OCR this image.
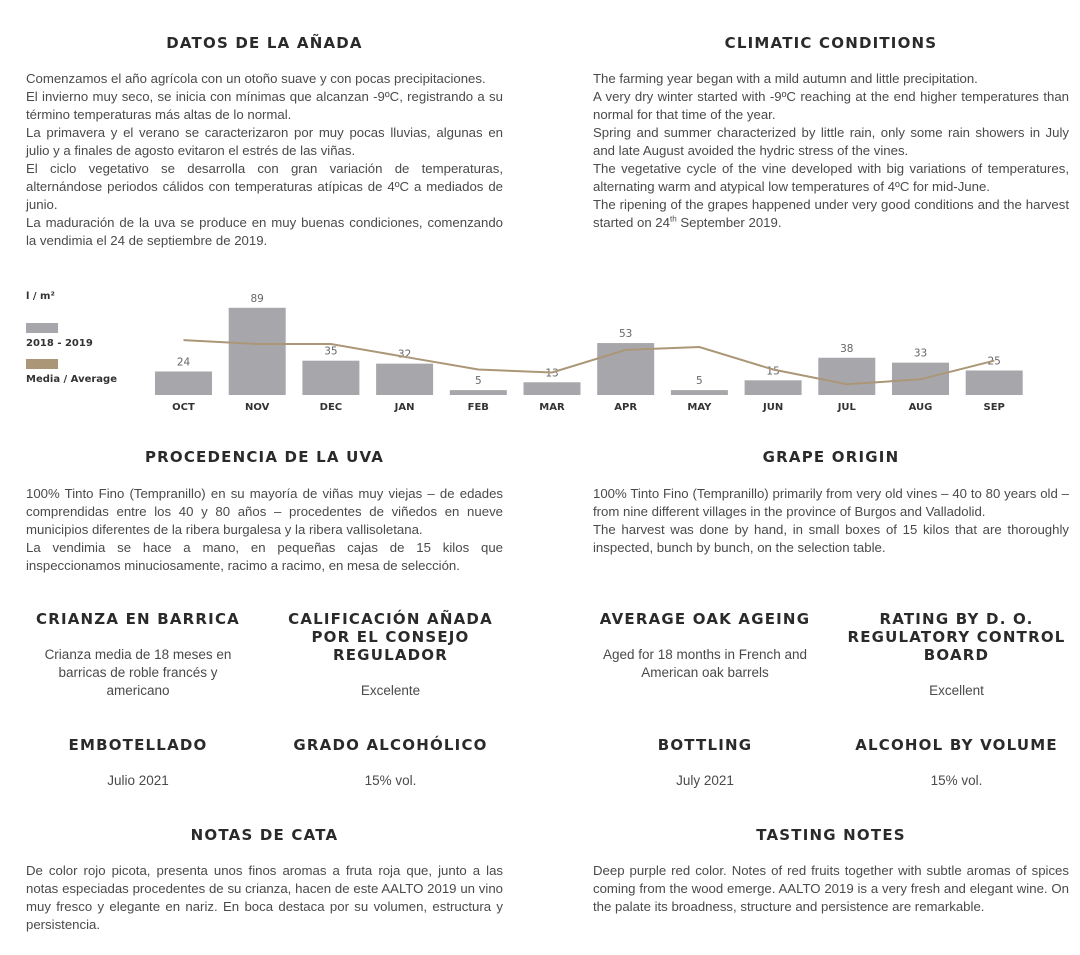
DATOS DE LA AÑADA	CLIMATIC CONDITIONS

Comenzamos el año agrícola con un otoño suave y con pocas precipitaciones.

El invierno muy seco, se inicia con mínimas que alcanzan -9ºC, registrando a su término temperaturas más altas de lo normal.

La primavera y el verano se caracterizaron por muy pocas lluvias, algunas en julio y a finales de agosto evitaron el estrés de las viñas.

El ciclo vegetativo se desarrolla con gran variación de temperaturas, alternándose periodos cálidos con temperaturas atípicas de 4ºC a mediados de junio.

La maduración de la uva se produce en muy buenas condiciones, comenzando la vendimia el 24 de septiembre de 2019.

The farming year began with a mild autumn and little precipitation.

A very dry winter started with -9ºC reaching at the end higher temperatures than normal for that time of the year.

Spring and summer characterized by little rain, only some rain showers in July and late August avoided the hydric stress of the vines.

The vegetative cycle of the vine developed with big variations of temperatures, alternating warm and atypical low temperatures of 4ºC for mid-June.

The ripening of the grapes happened under very good conditions and the harvest started on 24th September 2019.

24
89
35	32
5
13
53
5
15
38	33
25
OCT	NOV	DEC	JAN	FEB	MAR	APR	MAY	JUN	JUL	AUG	SEP
l / m²
2018 - 2019
Media / Average
PROCEDENCIA DE LA UVA	GRAPE ORIGIN

100% Tinto Fino (Tempranillo) en su mayoría de viñas muy viejas – de edades comprendidas entre los 40 y 80 años – procedentes de viñedos en nueve municipios diferentes de la ribera burgalesa y la ribera vallisoletana.

La vendimia se hace a mano, en pequeñas cajas de 15 kilos que inspeccionamos minuciosamente, racimo a racimo, en mesa de selección.

100% Tinto Fino (Tempranillo) primarily from very old vines – 40 to 80 years old – from nine different villages in the province of Burgos and Valladolid.

The harvest was done by hand, in small boxes of 15 kilos that are thoroughly inspected, bunch by bunch, on the selection table.

CRIANZA EN BARRICA
Crianza media de 18 meses en barricas de roble francés y americano
CALIFICACIÓN AÑADA POR EL CONSEJO REGULADOR
Excelente
EMBOTELLADO
Julio 2021
GRADO ALCOHÓLICO
15% vol.
AVERAGE OAK AGEING
Aged for 18 months in French and American oak barrels
RATING BY D. O. REGULATORY CONTROL BOARD
Excellent
BOTTLING
July 2021
ALCOHOL BY VOLUME
15% vol.
NOTAS DE CATA	TASTING NOTES

De color rojo picota, presenta unos finos aromas a fruta roja que, junto a las notas especiadas procedentes de su crianza, hacen de este AALTO 2019 un vino muy fresco y elegante en nariz. En boca destaca por su volumen, estructura y persistencia.

Deep purple red color. Notes of red fruits together with subtle aromas of spices coming from the wood emerge. AALTO 2019 is a very fresh and elegant wine. On the palate its broadness, structure and persistence are remarkable.
